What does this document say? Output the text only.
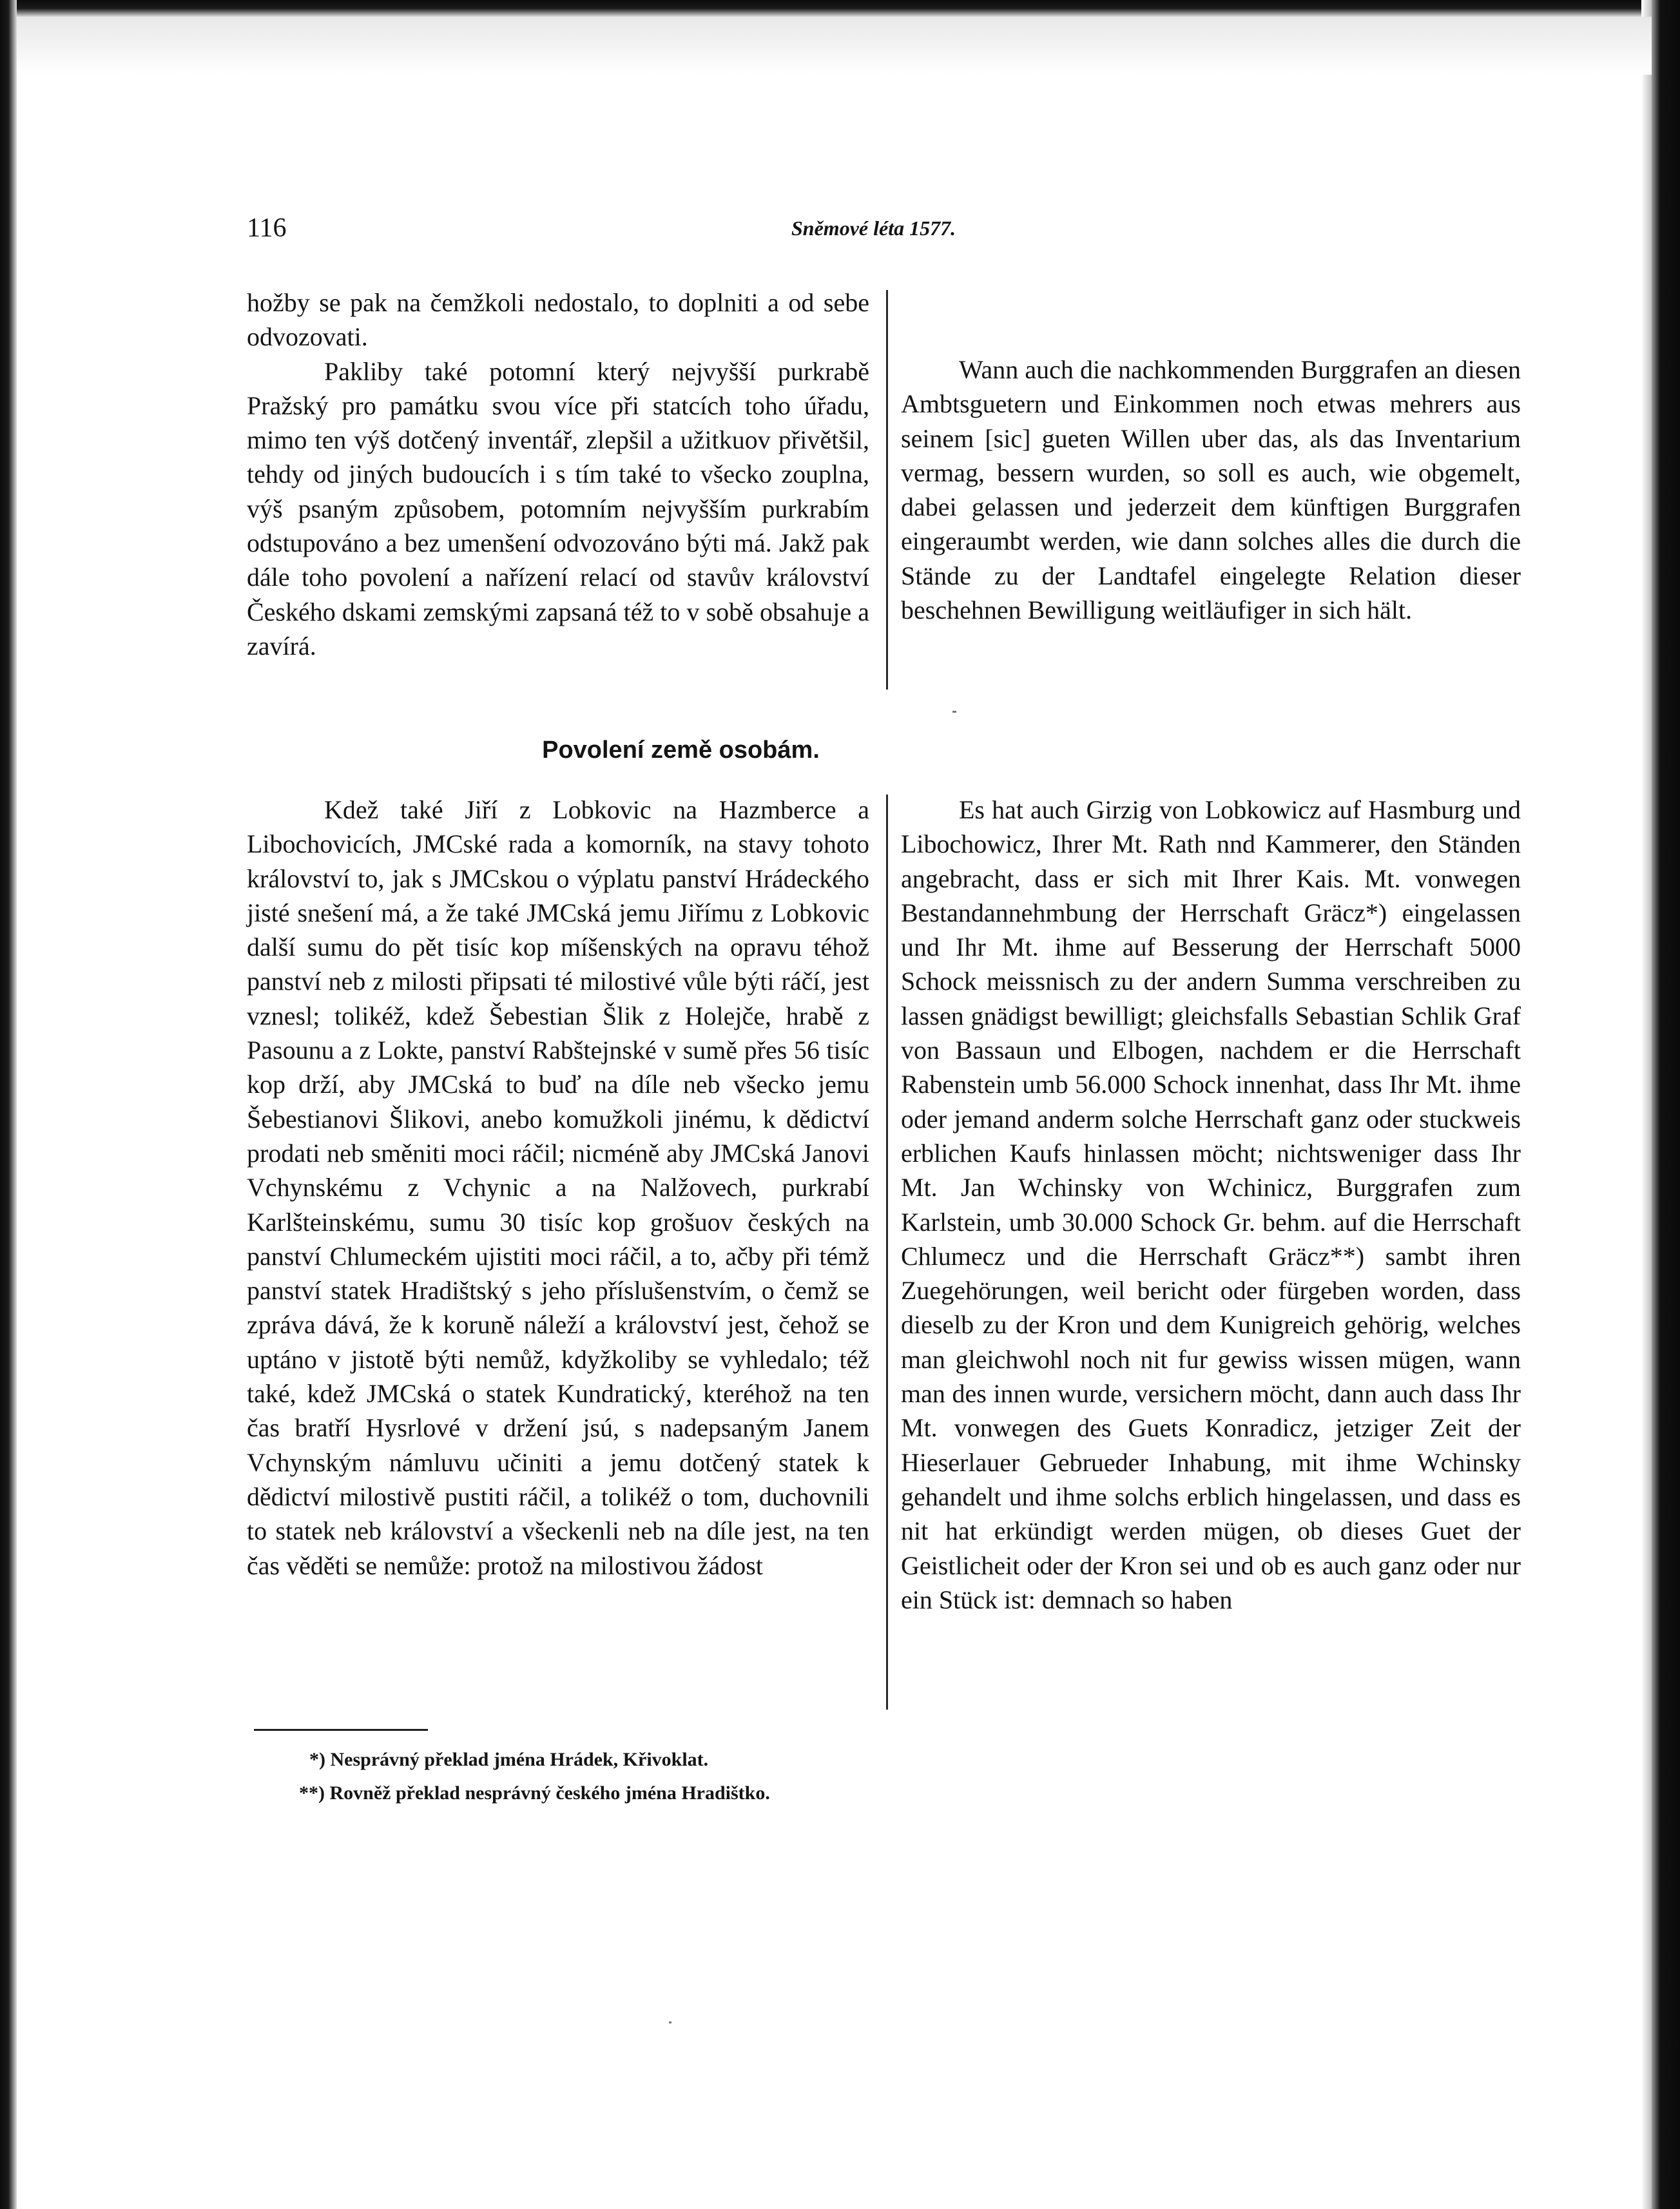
116	Sněmové léta 1577.

hožby se pak na čemžkoli nedostalo, to doplniti a od sebe odvozovati.

Pakliby také potomní který nejvyšší purkrabě Pražský pro památku svou více při statcích toho úřadu, mimo ten výš dotčený inventář, zlepšil a užitkuov přivětšil, tehdy od jiných budoucích i s tím také to všecko zouplna, výš psaným způsobem, potomním nejvyšším purkrabím odstupováno a bez umenšení odvozováno býti má. Jakž pak dále toho povolení a nařízení relací od stavův království Českého dskami zemskými zapsaná též to v sobě obsahuje a zavírá.

Wann auch die nachkommenden Burggrafen an diesen Ambtsguetern und Einkommen noch etwas mehrers aus seinem [sic] gueten Willen uber das, als das Inventarium vermag, bessern wurden, so soll es auch, wie obgemelt, dabei gelassen und jederzeit dem künftigen Burggrafen eingeraumbt werden, wie dann solches alles die durch die Stände zu der Landtafel eingelegte Relation dieser beschehnen Bewilligung weitläufiger in sich hält.

Povolení země osobám.

Kdež také Jiří z Lobkovic na Hazmberce a Libochovicích, JMCské rada a komorník, na stavy tohoto království to, jak s JMCskou o výplatu panství Hrádeckého jisté snešení má, a že také JMCská jemu Jiřímu z Lobkovic další sumu do pět tisíc kop míšenských na opravu téhož panství neb z milosti připsati té milostivé vůle býti ráčí, jest vznesl; tolikéž, kdež Šebestian Šlik z Holejče, hrabě z Pasounu a z Lokte, panství Rabštejnské v sumě přes 56 tisíc kop drží, aby JMCská to buď na díle neb všecko jemu Šebestianovi Šlikovi, anebo komužkoli jinému, k dědictví prodati neb směniti moci ráčil; nicméně aby JMCská Janovi Vchynskému z Vchynic a na Nalžovech, purkrabí Karlšteinskému, sumu 30 tisíc kop grošuov českých na panství Chlumeckém ujistiti moci ráčil, a to, ačby při témž panství statek Hradištský s jeho příslušenstvím, o čemž se zpráva dává, že k koruně náleží a království jest, čehož se uptáno v jistotě býti nemůž, kdyžkoliby se vyhledalo; též také, kdež JMCská o statek Kundratický, kteréhož na ten čas bratří Hysrlové v držení jsú, s nadepsaným Janem Vchynským námluvu učiniti a jemu dotčený statek k dědictví milostivě pustiti ráčil, a tolikéž o tom, duchovnili to statek neb království a všeckenli neb na díle jest, na ten čas věděti se nemůže: protož na milostivou žádost

Es hat auch Girzig von Lobkowicz auf Hasmburg und Libochowicz, Ihrer Mt. Rath nnd Kammerer, den Ständen angebracht, dass er sich mit Ihrer Kais. Mt. vonwegen Bestandannehmbung der Herrschaft Gräcz*) eingelassen und Ihr Mt. ihme auf Besserung der Herrschaft 5000 Schock meissnisch zu der andern Summa verschreiben zu lassen gnädigst bewilligt; gleichsfalls Sebastian Schlik Graf von Bassaun und Elbogen, nachdem er die Herrschaft Rabenstein umb 56.000 Schock innenhat, dass Ihr Mt. ihme oder jemand anderm solche Herrschaft ganz oder stuckweis erblichen Kaufs hinlassen möcht; nichtsweniger dass Ihr Mt. Jan Wchinsky von Wchinicz, Burggrafen zum Karlstein, umb 30.000 Schock Gr. behm. auf die Herrschaft Chlumecz und die Herrschaft Gräcz**) sambt ihren Zuegehörungen, weil bericht oder fürgeben worden, dass dieselb zu der Kron und dem Kunigreich gehörig, welches man gleichwohl noch nit fur gewiss wissen mügen, wann man des innen wurde, versichern möcht, dann auch dass Ihr Mt. vonwegen des Guets Konradicz, jetziger Zeit der Hieserlauer Gebrueder Inhabung, mit ihme Wchinsky gehandelt und ihme solchs erblich hingelassen, und dass es nit hat erkündigt werden mügen, ob dieses Guet der Geistlicheit oder der Kron sei und ob es auch ganz oder nur ein Stück ist: demnach so haben

*) Nesprávný překlad jména Hrádek, Křivoklat.
**) Rovněž překlad nesprávný českého jména Hradištko.
